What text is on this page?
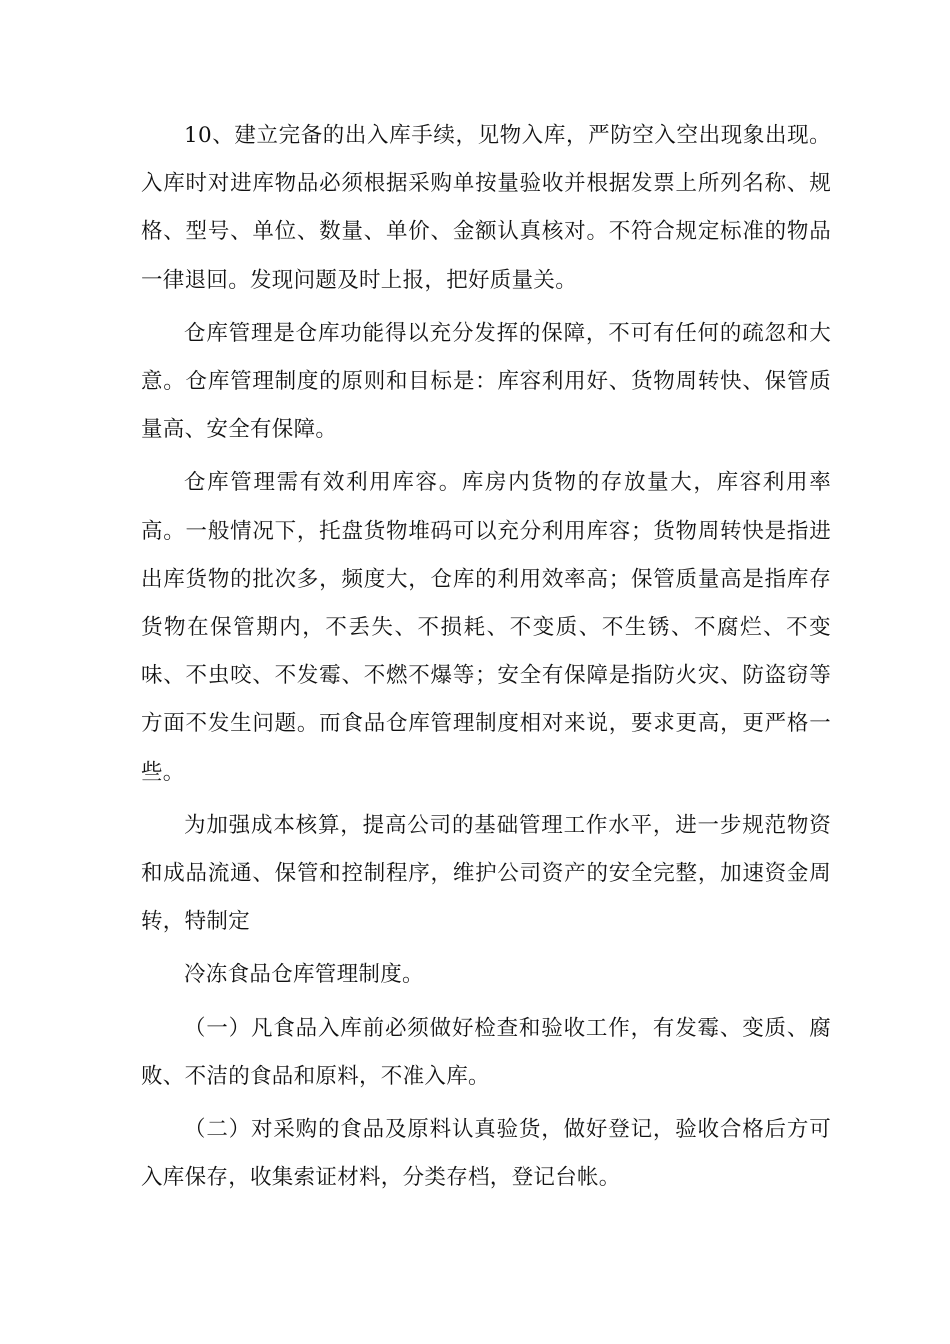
10、建立完备的出入库手续，见物入库，严防空入空出现象出现。入库时对进库物品必须根据采购单按量验收并根据发票上所列名称、规格、型号、单位、数量、单价、金额认真核对。不符合规定标准的物品一律退回。发现问题及时上报，把好质量关。

仓库管理是仓库功能得以充分发挥的保障，不可有任何的疏忽和大意。仓库管理制度的原则和目标是：库容利用好、货物周转快、保管质量高、安全有保障。

仓库管理需有效利用库容。库房内货物的存放量大，库容利用率高。一般情况下，托盘货物堆码可以充分利用库容；货物周转快是指进出库货物的批次多，频度大，仓库的利用效率高；保管质量高是指库存货物在保管期内，不丢失、不损耗、不变质、不生锈、不腐烂、不变味、不虫咬、不发霉、不燃不爆等；安全有保障是指防火灾、防盗窃等方面不发生问题。而食品仓库管理制度相对来说，要求更高，更严格一些。

为加强成本核算，提高公司的基础管理工作水平，进一步规范物资和成品流通、保管和控制程序，维护公司资产的安全完整，加速资金周转，特制定

冷冻食品仓库管理制度。

（一）凡食品入库前必须做好检查和验收工作，有发霉、变质、腐败、不洁的食品和原料，不准入库。

（二）对采购的食品及原料认真验货，做好登记，验收合格后方可入库保存，收集索证材料，分类存档，登记台帐。
